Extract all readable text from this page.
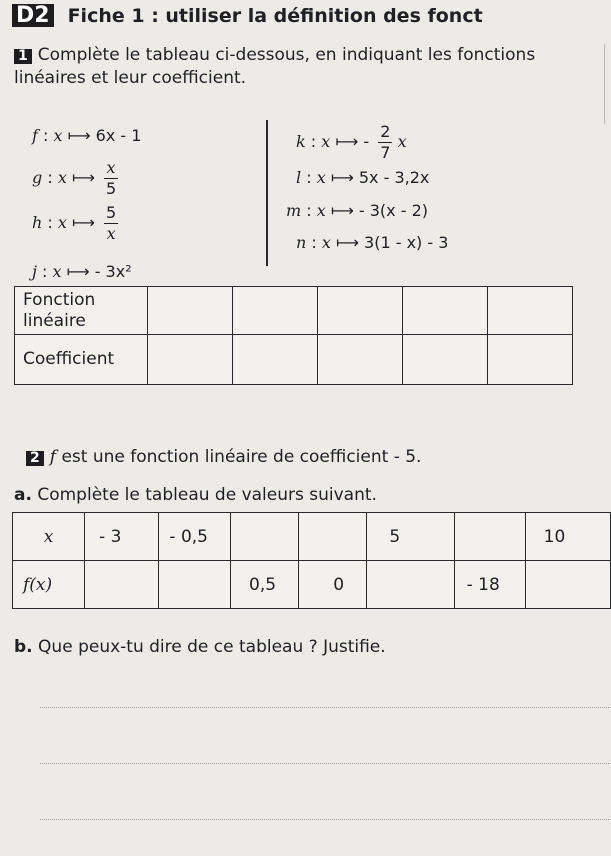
D2 Fiche 1 : utiliser la définition des fonct
1 Complète le tableau ci-dessous, en indiquant les fonctions linéaires et leur coefficient.
f : x ⟼ 6x - 1
g : x ⟼ $\frac{x}{5}$
h : x ⟼ $\frac{5}{x}$
j : x ⟼ - 3x²
k : x ⟼ - $\frac{2}{7}$ x
l : x ⟼ 5x - 3,2x
m : x ⟼ - 3(x - 2)
n : x ⟼ 3(1 - x) - 3
Fonction linéaire					
Coefficient					
2 f est une fonction linéaire de coefficient - 5.
a. Complète le tableau de valeurs suivant.
x	- 3	- 0,5			5		10
f(x)			0,5	0		- 18	
b. Que peux-tu dire de ce tableau ? Justifie.
